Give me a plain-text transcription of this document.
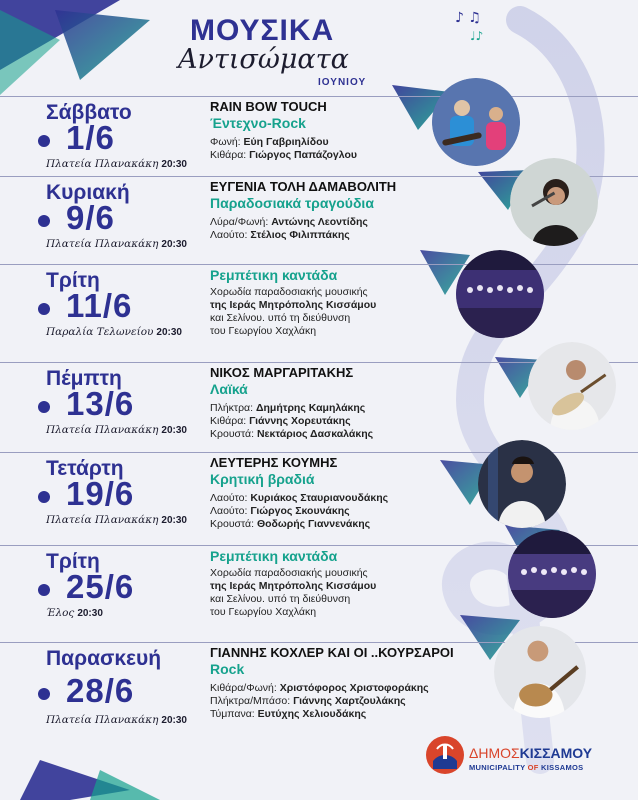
♪ ♫
♩♪
ΜΟΥΣΙΚΑ
Αντισώματα
ΙΟΥΝΙΟΥ
Σάββατο
1/6
Πλατεία Πλανακάκη 20:30
RAIN BOW TOUCH
Έντεχνο-Rock
Φωνή: Εύη Γαβριηλίδου
Κιθάρα: Γιώργος Παπάζογλου
Κυριακή
9/6
Πλατεία Πλανακάκη 20:30
ΕΥΓΕΝΙΑ ΤΟΛΗ ΔΑΜΑΒΟΛΙΤΗ
Παραδοσιακά τραγούδια
Λύρα/Φωνή: Αντώνης Λεοντίδης
Λαούτο: Στέλιος Φιλιππάκης
Τρίτη
11/6
Παραλία Τελωνείου 20:30
Ρεμπέτικη καντάδα
Χορωδία παραδοσιακής μουσικής
της Ιεράς Μητρόπολης Κισσάμου
και Σελίνου. υπό τη διεύθυνση
του Γεωργίου Χαχλάκη
Πέμπτη
13/6
Πλατεία Πλανακάκη 20:30
ΝΙΚΟΣ ΜΑΡΓΑΡΙΤΑΚΗΣ
Λαϊκά
Πλήκτρα: Δημήτρης Καμηλάκης
Κιθάρα: Γιάννης Χορευτάκης
Κρουστά: Νεκτάριος Δασκαλάκης
Τετάρτη
19/6
Πλατεία Πλανακάκη 20:30
ΛΕΥΤΕΡΗΣ ΚΟΥΜΗΣ
Κρητική βραδιά
Λαούτο: Κυριάκος Σταυριανουδάκης
Λαούτο: Γιώργος Σκουνάκης
Κρουστά: Θοδωρής Γιαννενάκης
Τρίτη
25/6
Έλος 20:30
Ρεμπέτικη καντάδα
Χορωδία παραδοσιακής μουσικής
της Ιεράς Μητρόπολης Κισσάμου
και Σελίνου. υπό τη διεύθυνση
του Γεωργίου Χαχλάκη
Παρασκευή
28/6
Πλατεία Πλανακάκη 20:30
ΓΙΑΝΝΗΣ ΚΟΧΛΕΡ ΚΑΙ ΟΙ ..ΚΟΥΡΣΑΡΟΙ
Rock
Κιθάρα/Φωνή: Χριστόφορος Χριστοφοράκης
Πλήκτρα/Μπάσο: Γιάννης Χαρτζουλάκης
Τύμπανα: Ευτύχης Χελιουδάκης
ΔΗΜΟΣΚΙΣΣΑΜΟΥ
MUNICIPALITY OF KISSAMOS
